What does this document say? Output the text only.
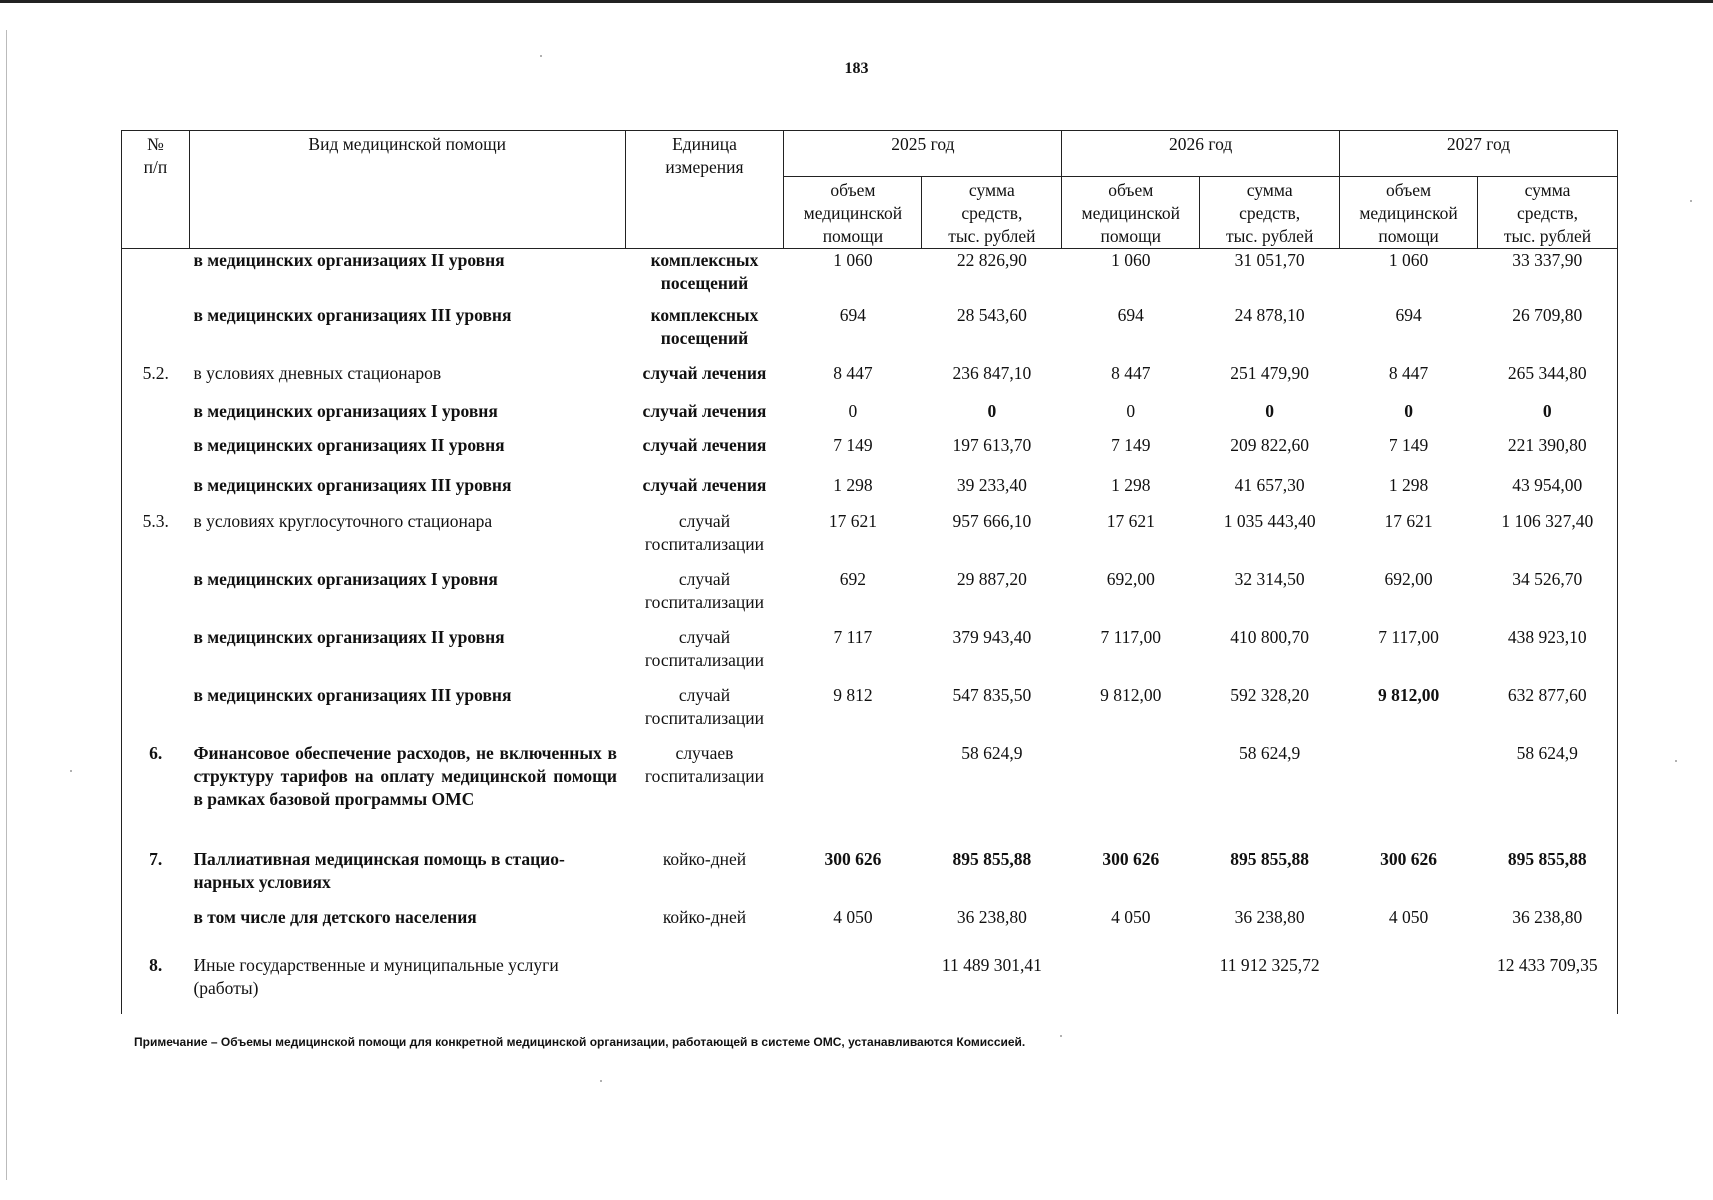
183
№
п/п	Вид медицинской помощи	Единица
измерения	2025 год		2026 год		2027 год	
			объем
медицинской
помощи	сумма
средств,
тыс. рублей	объем
медицинской
помощи	сумма
средств,
тыс. рублей	объем
медицинской
помощи	сумма
средств,
тыс. рублей
	в медицинских организациях II уровня	комплексных
посещений	1 060	22 826,90	1 060	31 051,70	1 060	33 337,90
	в медицинских организациях III уровня	комплексных
посещений	694	28 543,60	694	24 878,10	694	26 709,80
5.2.	в условиях дневных стационаров	случай лечения	8 447	236 847,10	8 447	251 479,90	8 447	265 344,80
	в медицинских организациях I уровня	случай лечения	0	0	0	0	0	0
	в медицинских организациях II уровня	случай лечения	7 149	197 613,70	7 149	209 822,60	7 149	221 390,80
	в медицинских организациях III уровня	случай лечения	1 298	39 233,40	1 298	41 657,30	1 298	43 954,00
5.3.	в условиях круглосуточного стационара	случай
госпитализации	17 621	957 666,10	17 621	1 035 443,40	17 621	1 106 327,40
	в медицинских организациях I уровня	случай
госпитализации	692	29 887,20	692,00	32 314,50	692,00	34 526,70
	в медицинских организациях II уровня	случай
госпитализации	7 117	379 943,40	7 117,00	410 800,70	7 117,00	438 923,10
	в медицинских организациях III уровня	случай
госпитализации	9 812	547 835,50	9 812,00	592 328,20	9 812,00	632 877,60
6.	Финансовое обеспечение расходов, не включенных в структуру тарифов на оплату медицинской помощи в рамках базовой программы ОМС	случаев
госпитализации		58 624,9		58 624,9		58 624,9
7.	Паллиативная медицинская помощь в стацио-
нарных условиях	койко-дней	300 626	895 855,88	300 626	895 855,88	300 626	895 855,88
	в том числе для детского населения	койко-дней	4 050	36 238,80	4 050	36 238,80	4 050	36 238,80
8.	Иные государственные и муниципальные услуги
(работы)			11 489 301,41		11 912 325,72		12 433 709,35
Примечание – Объемы медицинской помощи для конкретной медицинской организации, работающей в системе ОМС, устанавливаются Комиссией.
